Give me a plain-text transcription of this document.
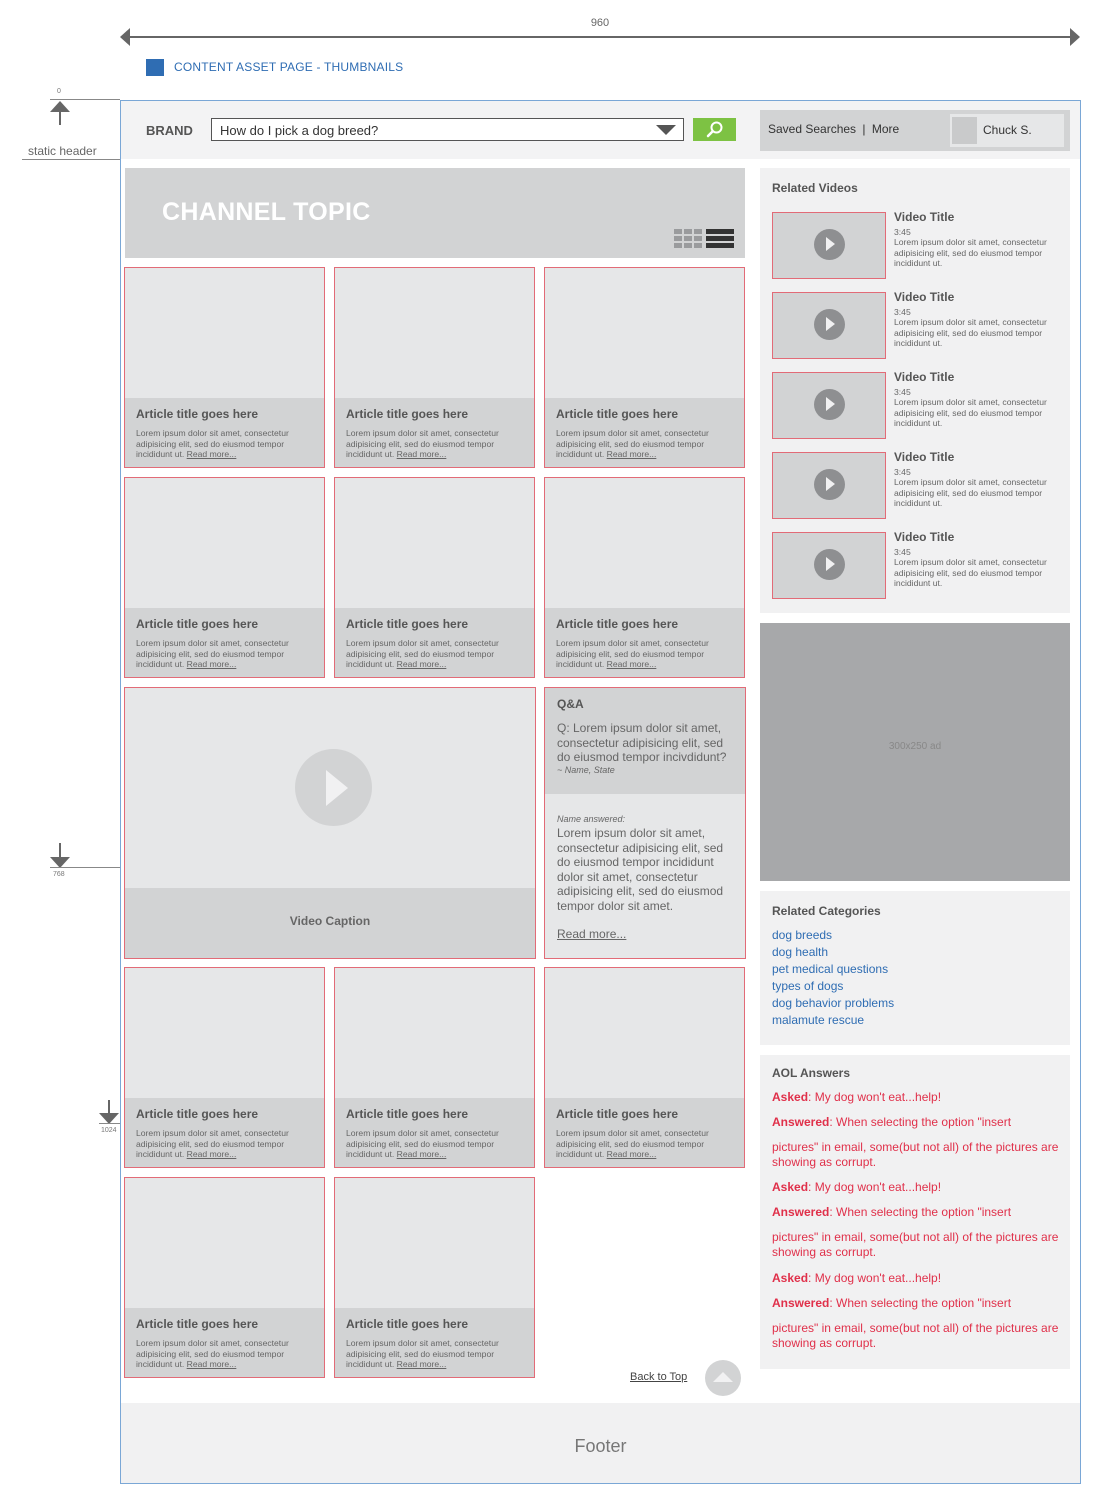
960
CONTENT ASSET PAGE - THUMBNAILS
0
static header
768
1024
BRAND How do I pick a dog breed?	Saved Searches | More	Chuck S.
CHANNEL TOPIC
Article title goes here
Lorem ipsum dolor sit amet, consectetur adipisicing elit, sed do eiusmod tempor incididunt ut. Read more...
Article title goes here
Lorem ipsum dolor sit amet, consectetur adipisicing elit, sed do eiusmod tempor incididunt ut. Read more...
Article title goes here
Lorem ipsum dolor sit amet, consectetur adipisicing elit, sed do eiusmod tempor incididunt ut. Read more...
Article title goes here
Lorem ipsum dolor sit amet, consectetur adipisicing elit, sed do eiusmod tempor incididunt ut. Read more...
Article title goes here
Lorem ipsum dolor sit amet, consectetur adipisicing elit, sed do eiusmod tempor incididunt ut. Read more...
Article title goes here
Lorem ipsum dolor sit amet, consectetur adipisicing elit, sed do eiusmod tempor incididunt ut. Read more...
Video Caption
Q&A
Q: Lorem ipsum dolor sit amet, consectetur adipisicing elit, sed do eiusmod tempor incivdidunt?
~ Name, State
Name answered:
Lorem ipsum dolor sit amet, consectetur adipisicing elit, sed do eiusmod tempor incididunt dolor sit amet, consectetur adipisicing elit, sed do eiusmod tempor dolor sit amet.
Read more...
Article title goes here
Lorem ipsum dolor sit amet, consectetur adipisicing elit, sed do eiusmod tempor incididunt ut. Read more...
Article title goes here
Lorem ipsum dolor sit amet, consectetur adipisicing elit, sed do eiusmod tempor incididunt ut. Read more...
Article title goes here
Lorem ipsum dolor sit amet, consectetur adipisicing elit, sed do eiusmod tempor incididunt ut. Read more...
Article title goes here
Lorem ipsum dolor sit amet, consectetur adipisicing elit, sed do eiusmod tempor incididunt ut. Read more...
Article title goes here
Lorem ipsum dolor sit amet, consectetur adipisicing elit, sed do eiusmod tempor incididunt ut. Read more...
Back to Top
Related Videos
Video Title
3:45
Lorem ipsum dolor sit amet, consectetur adipisicing elit, sed do eiusmod tempor incididunt ut.
Video Title
3:45
Lorem ipsum dolor sit amet, consectetur adipisicing elit, sed do eiusmod tempor incididunt ut.
Video Title
3:45
Lorem ipsum dolor sit amet, consectetur adipisicing elit, sed do eiusmod tempor incididunt ut.
Video Title
3:45
Lorem ipsum dolor sit amet, consectetur adipisicing elit, sed do eiusmod tempor incididunt ut.
Video Title
3:45
Lorem ipsum dolor sit amet, consectetur adipisicing elit, sed do eiusmod tempor incididunt ut.
300x250 ad
Related Categories
dog breeds
dog health
pet medical questions
types of dogs
dog behavior problems
malamute rescue
AOL Answers
Asked: My dog won't eat...help!
Answered: When selecting the option "insert
pictures" in email, some(but not all) of the pictures are showing as corrupt.
Asked: My dog won't eat...help!
Answered: When selecting the option "insert
pictures" in email, some(but not all) of the pictures are showing as corrupt.
Asked: My dog won't eat...help!
Answered: When selecting the option "insert
pictures" in email, some(but not all) of the pictures are showing as corrupt.
Footer
